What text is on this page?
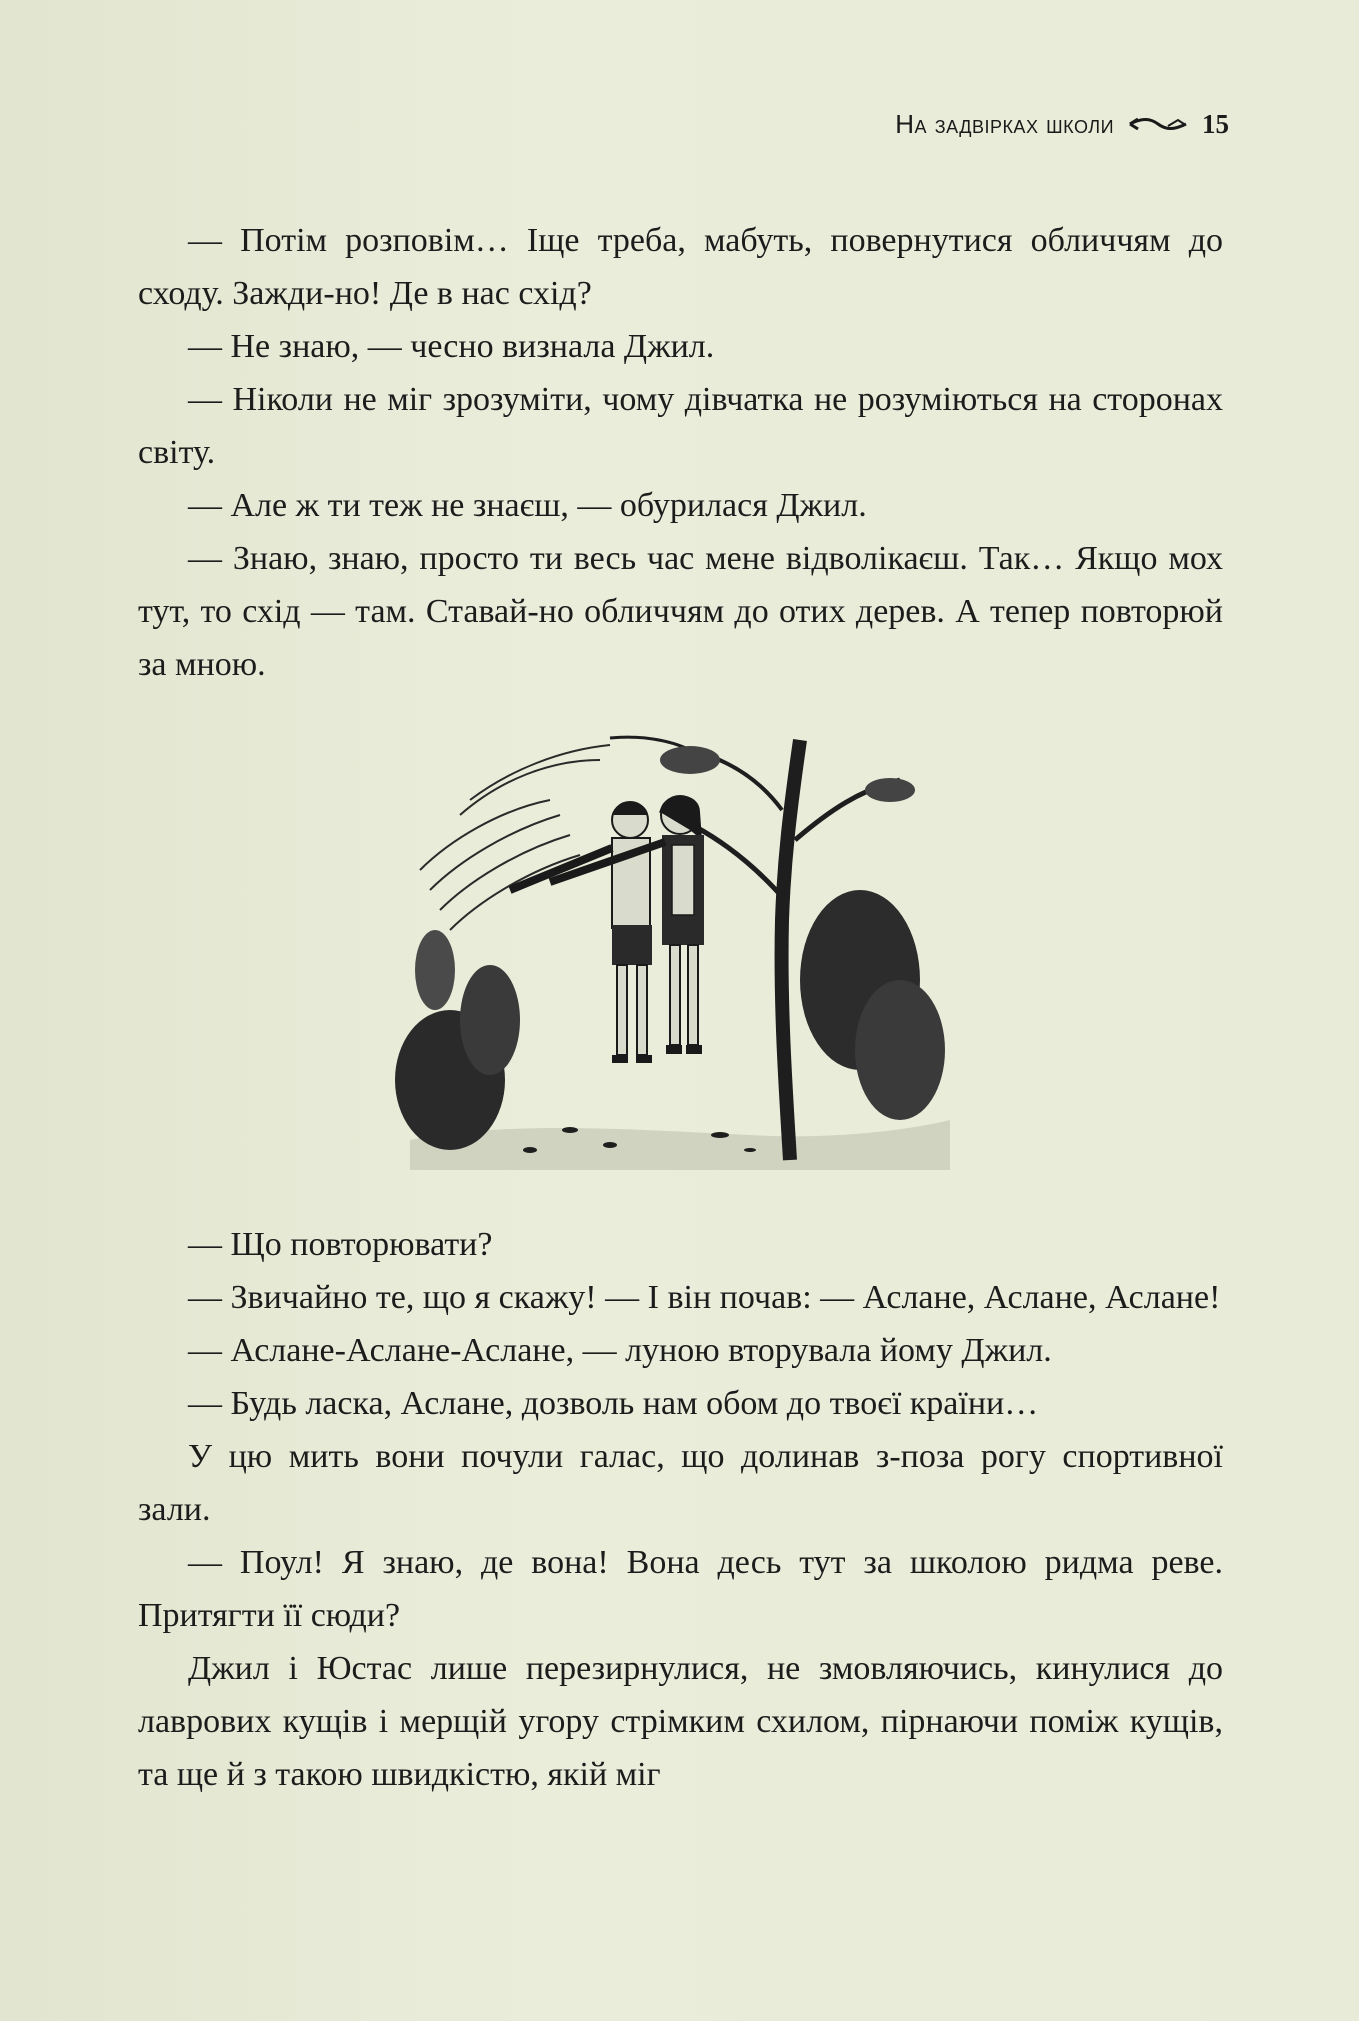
На задвірках школи	15

— Потім розповім… Іще треба, мабуть, повернутися обличчям до сходу. Зажди-но! Де в нас схід?

— Не знаю, — чесно визнала Джил.

— Ніколи не міг зрозуміти, чому дівчатка не розуміються на сторонах світу.

— Але ж ти теж не знаєш, — обурилася Джил.

— Знаю, знаю, просто ти весь час мене відволікаєш. Так… Якщо мох тут, то схід — там. Ставай-но обличчям до отих дерев. А тепер повторюй за мною.

— Що повторювати?

— Звичайно те, що я скажу! — І він почав: — Аслане, Аслане, Аслане!

— Аслане-Аслане-Аслане, — луною вторувала йому Джил.

— Будь ласка, Аслане, дозволь нам обом до твоєї країни…

У цю мить вони почули галас, що долинав з-поза рогу спортивної зали.

— Поул! Я знаю, де вона! Вона десь тут за школою ридма реве. Притягти її сюди?

Джил і Юстас лише перезирнулися, не змовляючись, кинулися до лаврових кущів і мерщій угору стрімким схилом, пірнаючи поміж кущів, та ще й з такою швидкістю, якій міг
